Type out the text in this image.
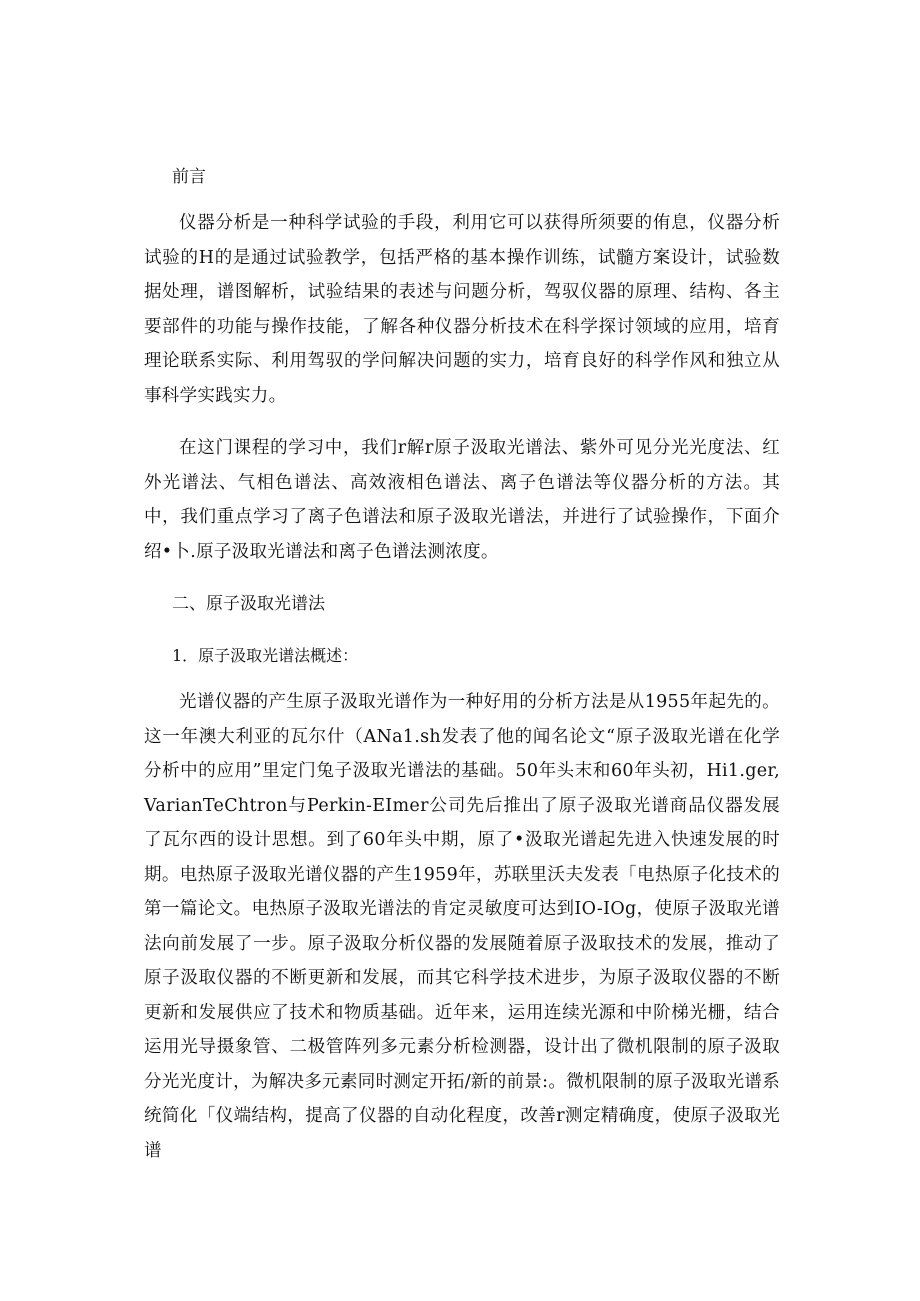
前言

仪器分析是一种科学试验的手段，利用它可以获得所须要的侑息，仪器分析试验的H的是通过试验教学，包括严格的基本操作训练，试髓方案设计，试验数据处理，谱图解析，试验结果的表述与问题分析，驾驭仪器的原理、结构、各主要部件的功能与操作技能，了解各种仪器分析技术在科学探讨领域的应用，培育理论联系实际、利用驾驭的学问解决问题的实力，培育良好的科学作风和独立从事科学实践实力。

在这门课程的学习中，我们r解r原子汲取光谱法、紫外可见分光光度法、红外光谱法、气相色谱法、高效液相色谱法、离子色谱法等仪器分析的方法。其中，我们重点学习了离子色谱法和原子汲取光谱法，并进行了试验操作，下面介绍•卜.原子汲取光谱法和离子色谱法测浓度。

二、原子汲取光谱法

1．原子汲取光谱法概述：

光谱仪器的产生原子汲取光谱作为一种好用的分析方法是从1955年起先的。这一年澳大利亚的瓦尔什（ANa1.sh发表了他的闻名论文“原子汲取光谱在化学分析中的应用”里定门兔子汲取光谱法的基础。50年头末和60年头初，Hi1.ger,VarianTeChtron与Perkin-EImer公司先后推出了原子汲取光谱商品仪器发展了瓦尔西的设计思想。到了60年头中期，原了•汲取光谱起先进入快速发展的时期。电热原子汲取光谱仪器的产生1959年，苏联里沃夫发表「电热原子化技术的第一篇论文。电热原子汲取光谱法的肯定灵敏度可达到IO-IOg，使原子汲取光谱法向前发展了一步。原子汲取分析仪器的发展随着原子汲取技术的发展，推动了原子汲取仪器的不断更新和发展，而其它科学技术进步，为原子汲取仪器的不断更新和发展供应了技术和物质基础。近年来，运用连续光源和中阶梯光栅，结合运用光导摄象管、二极管阵列多元素分析检测器，设计出了微机限制的原子汲取分光光度计，为解决多元素同时测定开拓/新的前景:。微机限制的原子汲取光谱系统简化「仪端结构，提高了仪器的自动化程度，改善r测定精确度，使原子汲取光谱
